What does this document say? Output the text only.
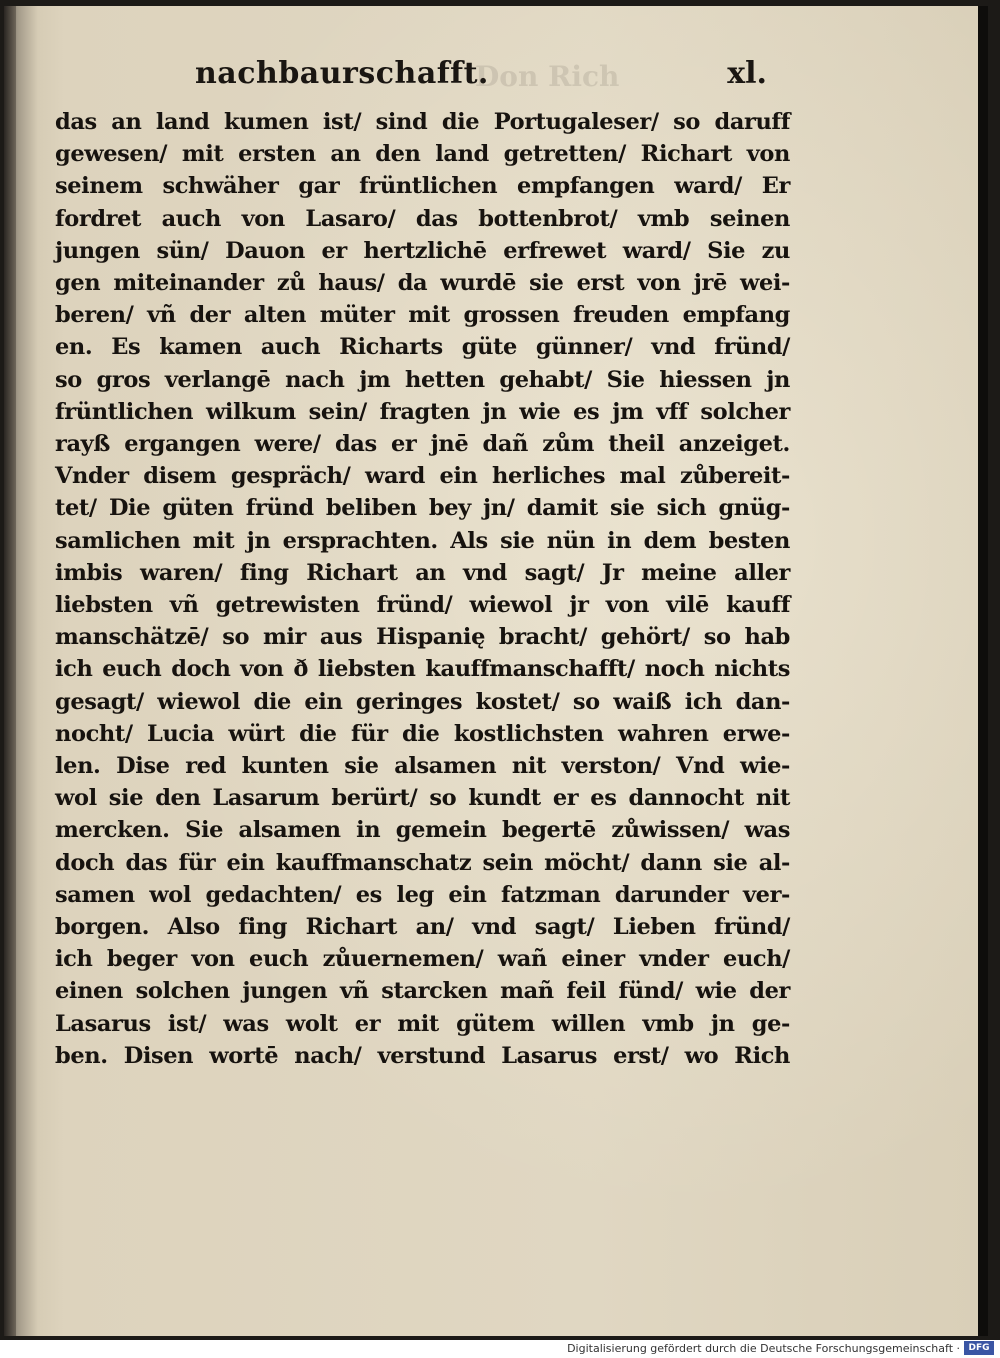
nachbaurschafft.
Don Rich	xl.
das an land kumen ist/ sind die Portugaleser/ so daruff
gewesen/ mit ersten an den land getretten/ Richart von
seinem schwäher gar früntlichen empfangen ward/ Er
fordret auch von Lasaro/ das bottenbrot/ vmb seinen
jungen sün/ Dauon er hertzlichē erfrewet ward/ Sie zu
gen miteinander zů haus/ da wurdē sie erst von jrē wei-
beren/ vñ der alten müter mit grossen freuden empfang
en. Es kamen auch Richarts güte günner/ vnd fründ/
so gros verlangē nach jm hetten gehabt/ Sie hiessen jn
früntlichen wilkum sein/ fragten jn wie es jm vff solcher
rayß ergangen were/ das er jnē dañ zům theil anzeiget.
Vnder disem gespräch/ ward ein herliches mal zůbereit-
tet/ Die güten fründ beliben bey jn/ damit sie sich gnüg-
samlichen mit jn ersprachten. Als sie nün in dem besten
imbis waren/ fing Richart an vnd sagt/ Jr meine aller
liebsten vñ getrewisten fründ/ wiewol jr von vilē kauff
manschätzē/ so mir aus Hispanię bracht/ gehört/ so hab
ich euch doch von ð liebsten kauffmanschafft/ noch nichts
gesagt/ wiewol die ein geringes kostet/ so waiß ich dan-
nocht/ Lucia würt die für die kostlichsten wahren erwe-
len. Dise red kunten sie alsamen nit verston/ Vnd wie-
wol sie den Lasarum berürt/ so kundt er es dannocht nit
mercken. Sie alsamen in gemein begertē zůwissen/ was
doch das für ein kauffmanschatz sein möcht/ dann sie al-
samen wol gedachten/ es leg ein fatzman darunder ver-
borgen. Also fing Richart an/ vnd sagt/ Lieben fründ/
ich beger von euch zůuernemen/ wañ einer vnder euch/
einen solchen jungen vñ starcken mañ feil fünd/ wie der
Lasarus ist/ was wolt er mit gütem willen vmb jn ge-
ben. Disen wortē nach/ verstund Lasarus erst/ wo Rich
Digitalisierung gefördert durch die Deutsche Forschungsgemeinschaft · DFG
